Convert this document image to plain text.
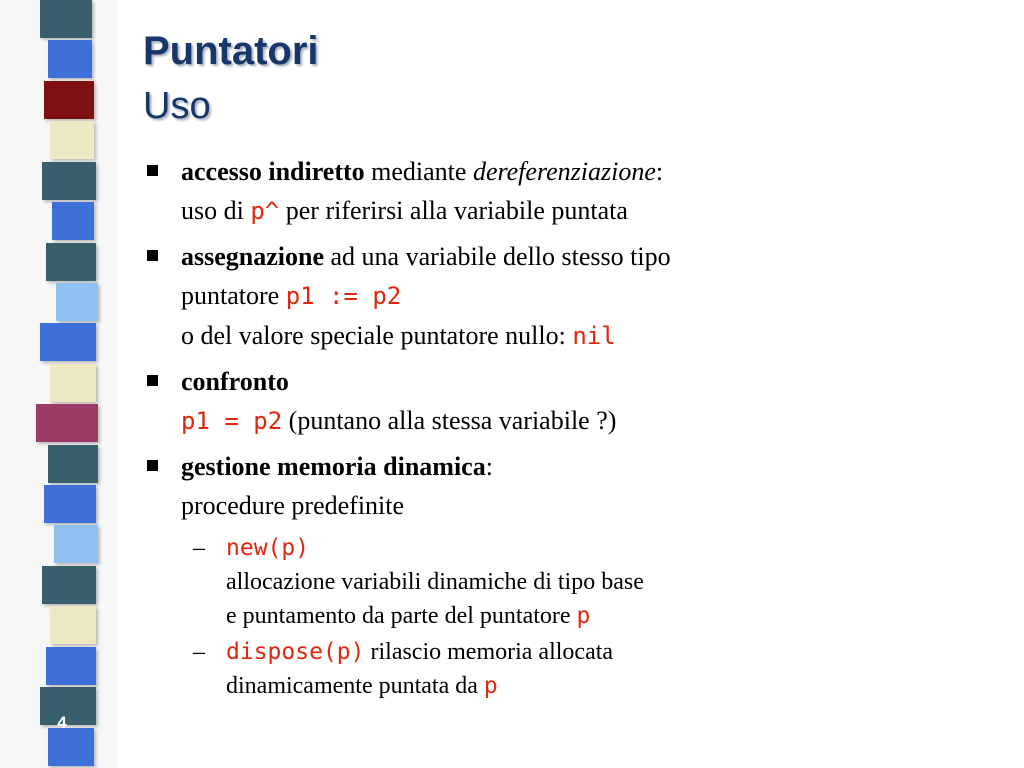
4
Puntatori
Uso
accesso indiretto mediante dereferenziazione:
uso di p^ per riferirsi alla variabile puntata
assegnazione ad una variabile dello stesso tipo
puntatore p1 := p2
o del valore speciale puntatore nullo: nil
confronto
p1 = p2 (puntano alla stessa variabile ?)
gestione memoria dinamica:
procedure predefinite
– new(p)
allocazione variabili dinamiche di tipo base
e puntamento da parte del puntatore p
– dispose(p) rilascio memoria allocata
dinamicamente puntata da p
